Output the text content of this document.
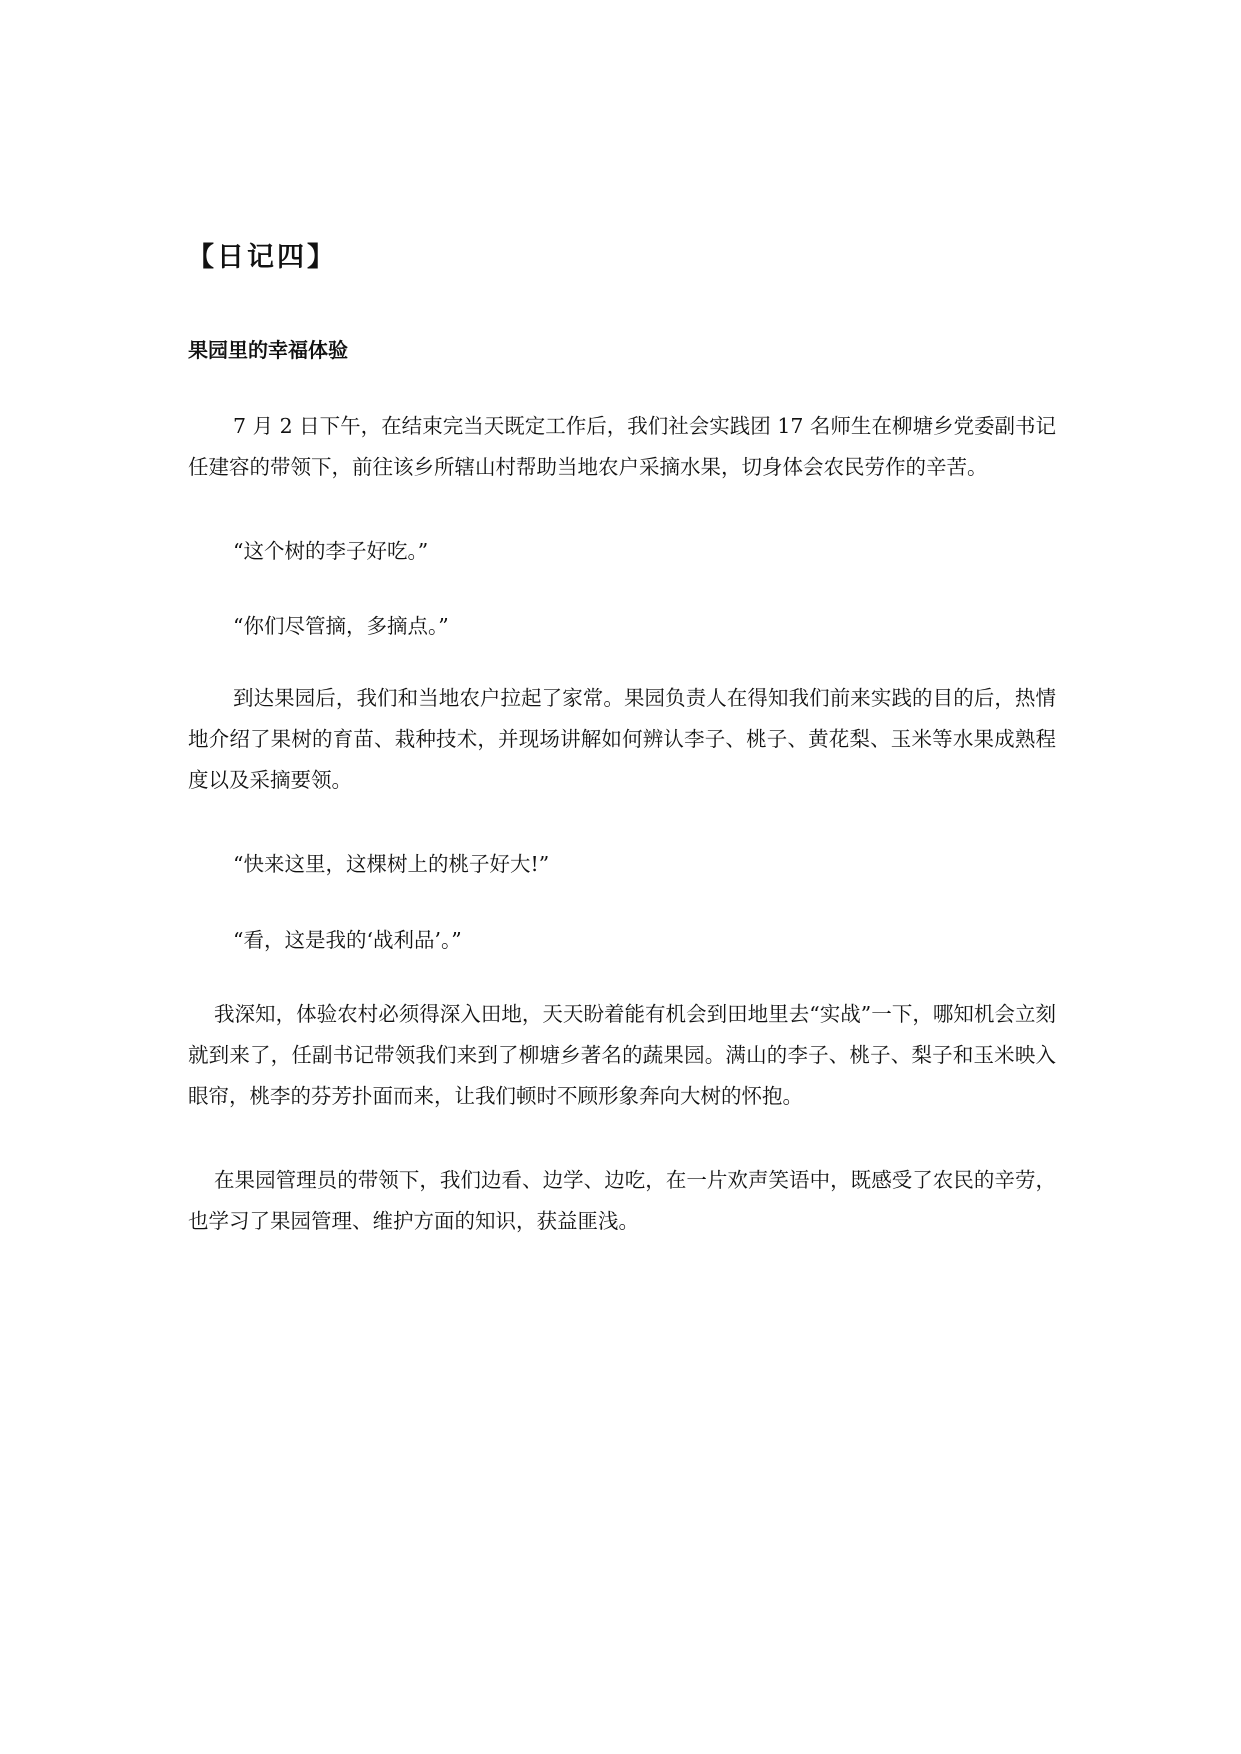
【日记四】
果园里的幸福体验

7 月 2 日下午，在结束完当天既定工作后，我们社会实践团 17 名师生在柳塘乡党委副书记任建容的带领下，前往该乡所辖山村帮助当地农户采摘水果，切身体会农民劳作的辛苦。

“这个树的李子好吃。”

“你们尽管摘，多摘点。”

到达果园后，我们和当地农户拉起了家常。果园负责人在得知我们前来实践的目的后，热情地介绍了果树的育苗、栽种技术，并现场讲解如何辨认李子、桃子、黄花梨、玉米等水果成熟程度以及采摘要领。

“快来这里，这棵树上的桃子好大!”

“看，这是我的‘战利品’。”

我深知，体验农村必须得深入田地，天天盼着能有机会到田地里去“实战”一下，哪知机会立刻就到来了，任副书记带领我们来到了柳塘乡著名的蔬果园。满山的李子、桃子、梨子和玉米映入眼帘，桃李的芬芳扑面而来，让我们顿时不顾形象奔向大树的怀抱。

在果园管理员的带领下，我们边看、边学、边吃，在一片欢声笑语中，既感受了农民的辛劳，也学习了果园管理、维护方面的知识，获益匪浅。
